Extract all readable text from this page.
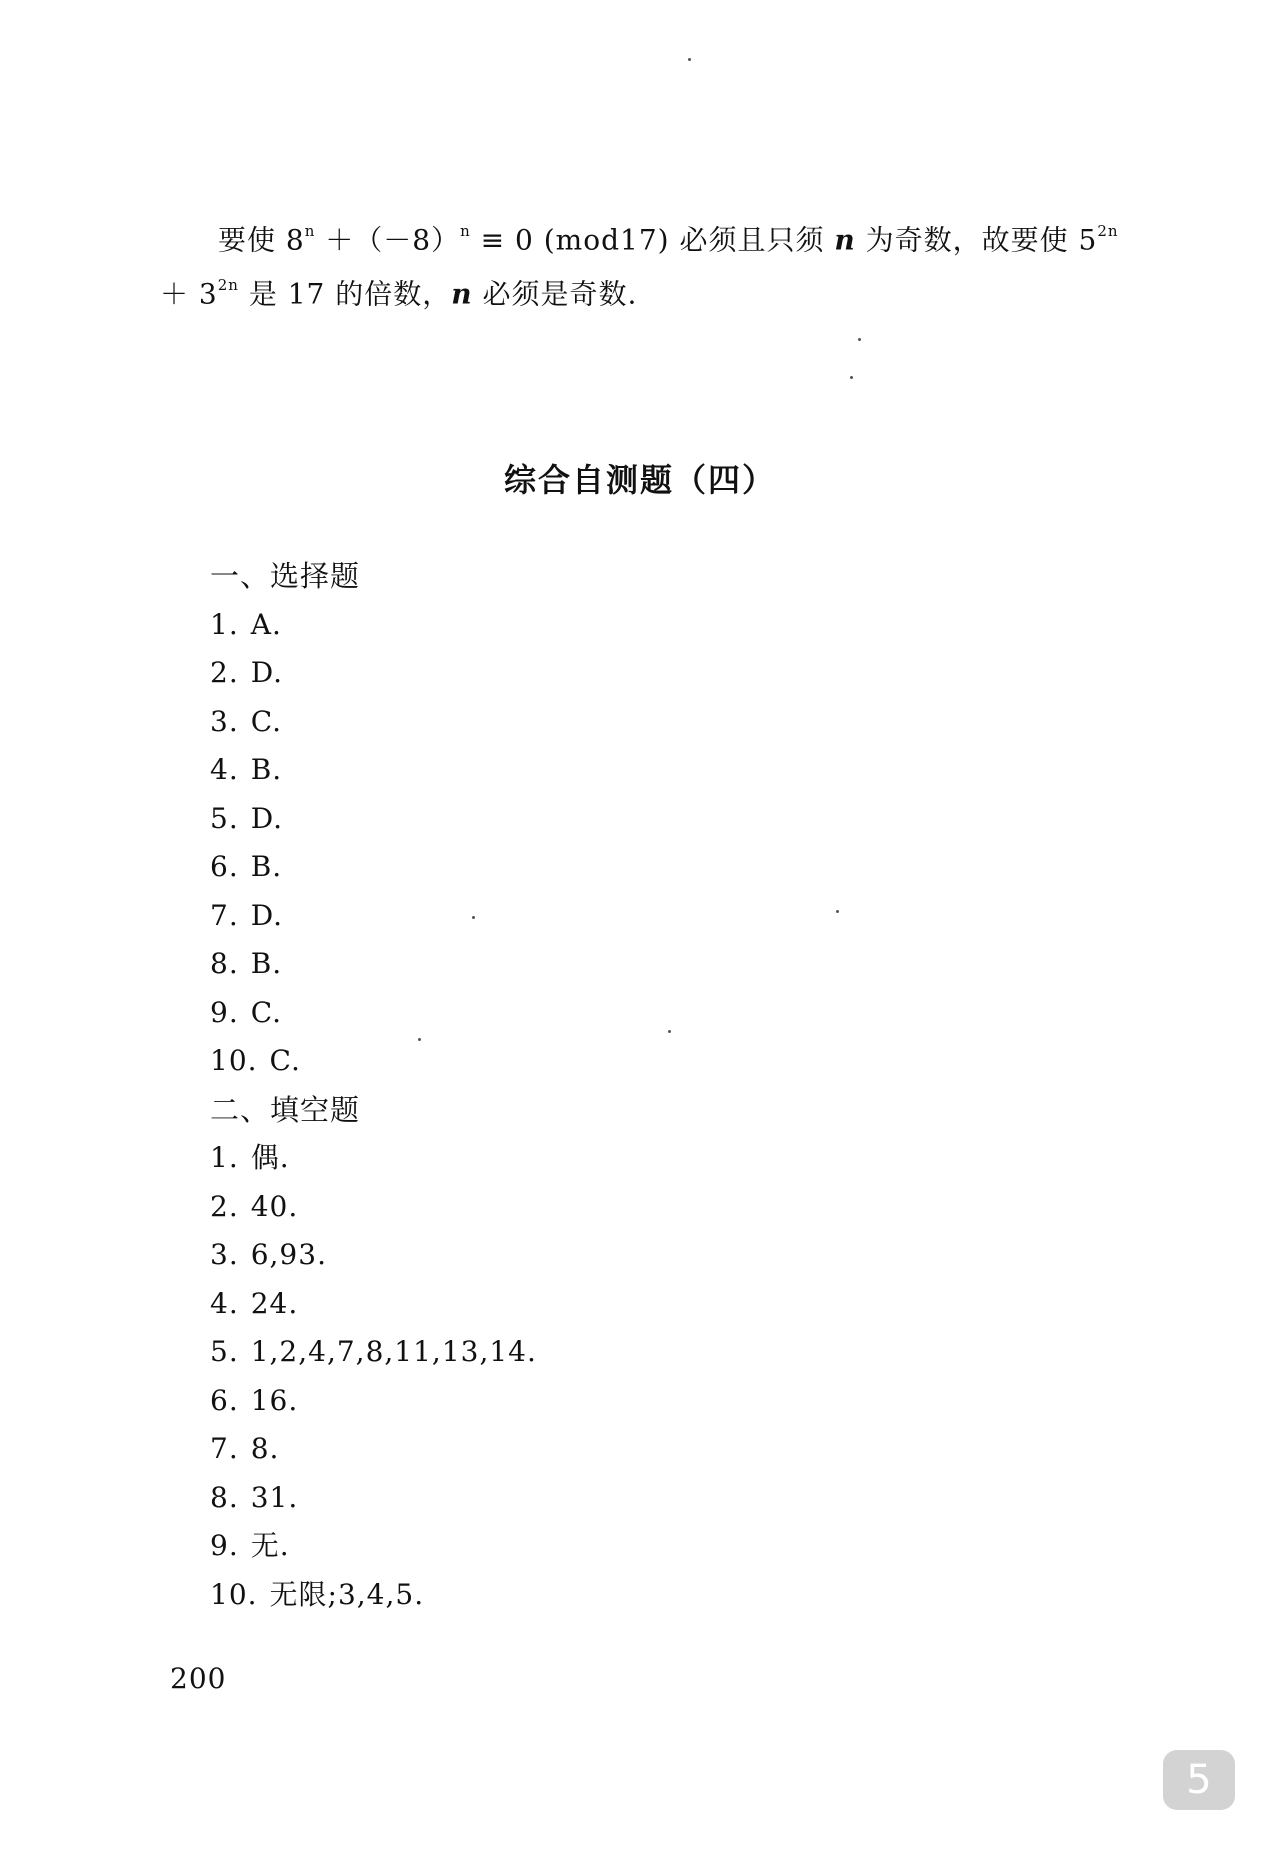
要使 $8^n +(-8)^n \equiv 0$ (mod17) 必须且只须 n 为奇数，故要使 $5^{2n}$
＋ $3^{2n}$ 是 17 的倍数，n 必须是奇数.
综合自测题（四）
一、选择题
1. A.
2. D.
3. C.
4. B.
5. D.
6. B.
7. D.
8. B.
9. C.
10. C.
二、填空题
1. 偶.
2. 40.
3. 6,93.
4. 24.
5. 1,2,4,7,8,11,13,14.
6. 16.
7. 8.
8. 31.
9. 无.
10. 无限;3,4,5.
200
5
